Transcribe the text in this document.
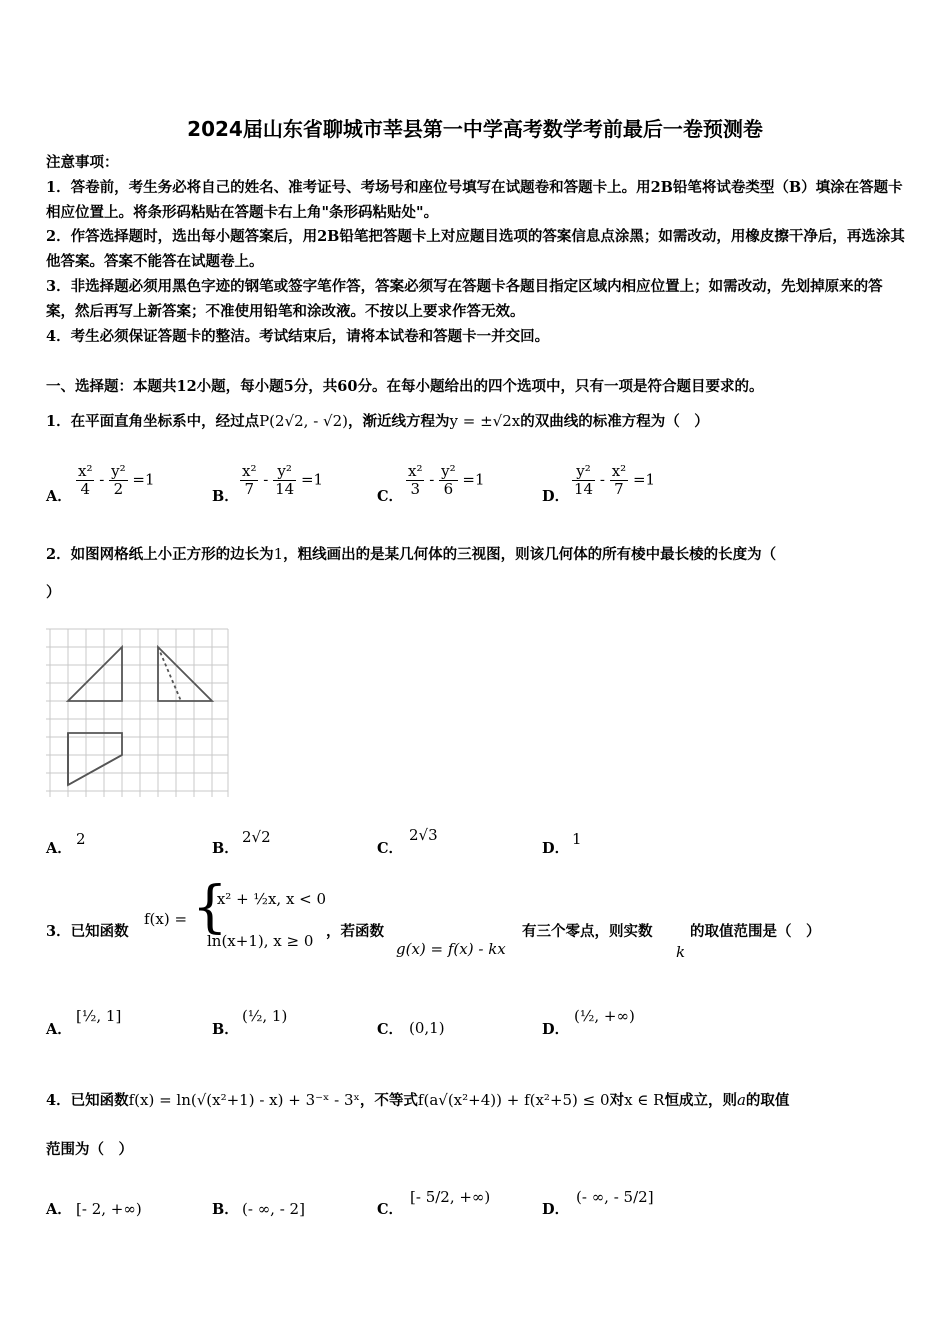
2024届山东省聊城市莘县第一中学高考数学考前最后一卷预测卷
注意事项：
1．答卷前，考生务必将自己的姓名、准考证号、考场号和座位号填写在试题卷和答题卡上。用2B铅笔将试卷类型（B）填涂在答题卡相应位置上。将条形码粘贴在答题卡右上角"条形码粘贴处"。
2．作答选择题时，选出每小题答案后，用2B铅笔把答题卡上对应题目选项的答案信息点涂黑；如需改动，用橡皮擦干净后，再选涂其他答案。答案不能答在试题卷上。
3．非选择题必须用黑色字迹的钢笔或签字笔作答，答案必须写在答题卡各题目指定区域内相应位置上；如需改动，先划掉原来的答案，然后再写上新答案；不准使用铅笔和涂改液。不按以上要求作答无效。
4．考生必须保证答题卡的整洁。考试结束后，请将本试卷和答题卡一并交回。
一、选择题：本题共12小题，每小题5分，共60分。在每小题给出的四个选项中，只有一项是符合题目要求的。
1．在平面直角坐标系中，经过点P(2√2, - √2)，渐近线方程为y = ±√2x的双曲线的标准方程为（　）
A． $\frac{\text{x²}}{4} - \frac{\text{y²}}{2} =1$
B． $\frac{\text{x²}}{7} - \frac{\text{y²}}{14} =1$
C． $\frac{\text{x²}}{3} - \frac{\text{y²}}{6} =1$
D． $\frac{\text{y²}}{14} - \frac{\text{x²}}{7} =1$
2．如图网格纸上小正方形的边长为1，粗线画出的是某几何体的三视图，则该几何体的所有棱中最长棱的长度为（
）
A．
2
B．
2√2
C．
2√3
D．
1
3．已知函数
f(x) = {
- x² + ½x, x < 0
ln(x+1), x ≥ 0
，若函数
g(x) = f(x) - kx
有三个零点，则实数
k
的取值范围是（　）
A．
[½, 1]
B．
(½, 1)
C． (0,1)	D．
(½, +∞)
4．已知函数f(x) = ln(√(x²+1) - x) + 3⁻ˣ - 3ˣ，不等式f(a√(x²+4)) + f(x²+5) ≤ 0对x ∈ R恒成立，则a的取值
范围为（　）
A． [- 2, +∞)	B． (- ∞, - 2]	C．
[- 5/2, +∞)
D．
(- ∞, - 5/2]
